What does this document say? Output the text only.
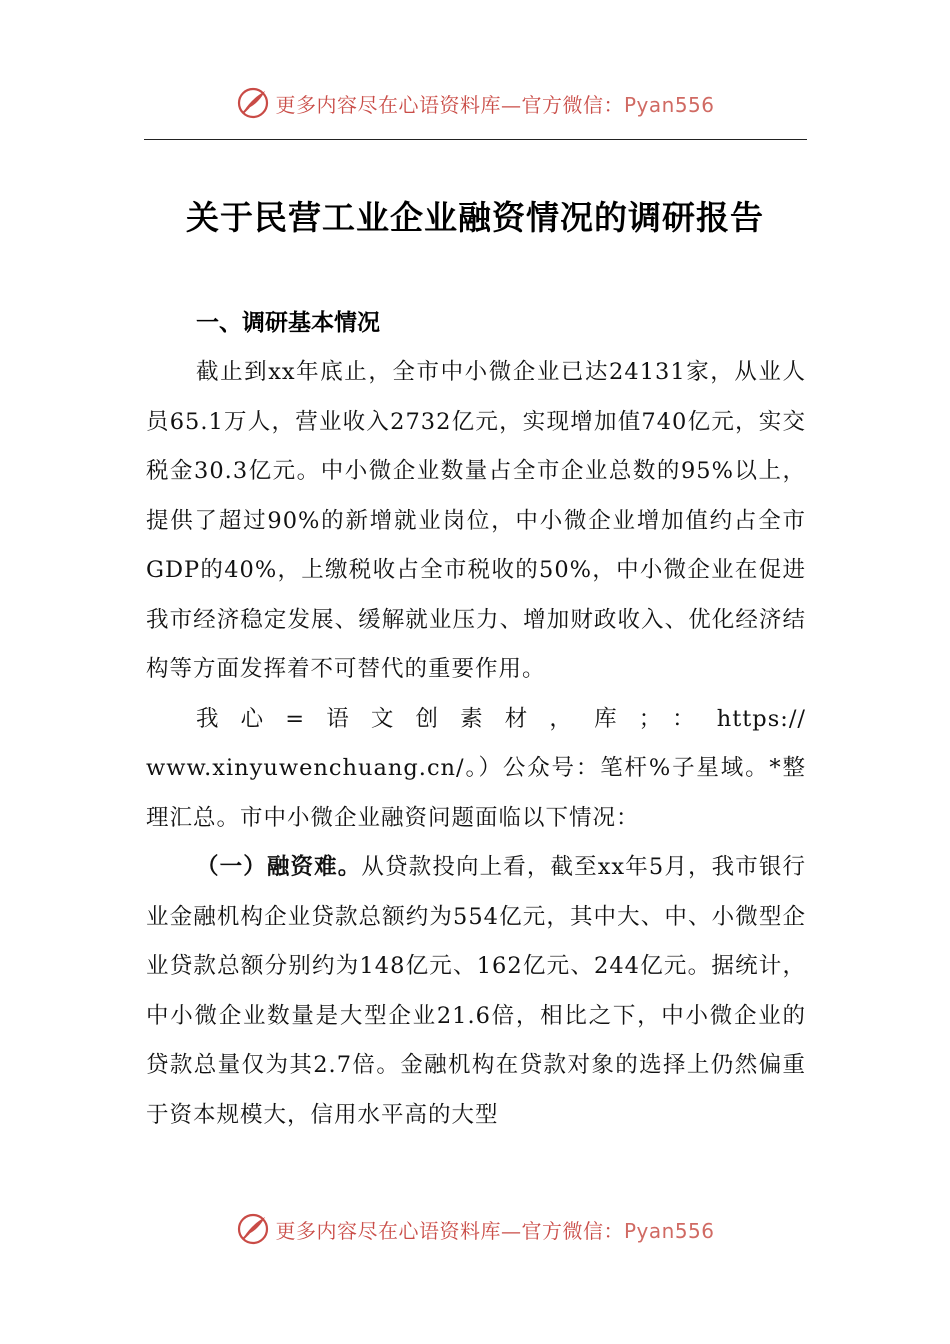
更多内容尽在心语资料库—官方微信：Pyan556
关于民营工业企业融资情况的调研报告
一、调研基本情况

截止到xx年底止，全市中小微企业已达24131家，从业人员65.1万人，营业收入2732亿元，实现增加值740亿元，实交税金30.3亿元。中小微企业数量占全市企业总数的95%以上，提供了超过90%的新增就业岗位，中小微企业增加值约占全市GDP的40%，上缴税收占全市税收的50%，中小微企业在促进我市经济稳定发展、缓解就业压力、增加财政收入、优化经济结构等方面发挥着不可替代的重要作用。

我心=语文创素材，库；：https://

www.xinyuwenchuang.cn/。）公众号：笔杆%子星域。*整理汇总。市中小微企业融资问题面临以下情况：

（一）融资难。从贷款投向上看，截至xx年5月，我市银行业金融机构企业贷款总额约为554亿元，其中大、中、小微型企业贷款总额分别约为148亿元、162亿元、244亿元。据统计，中小微企业数量是大型企业21.6倍，相比之下，中小微企业的贷款总量仅为其2.7倍。金融机构在贷款对象的选择上仍然偏重于资本规模大，信用水平高的大型

更多内容尽在心语资料库—官方微信：Pyan556
